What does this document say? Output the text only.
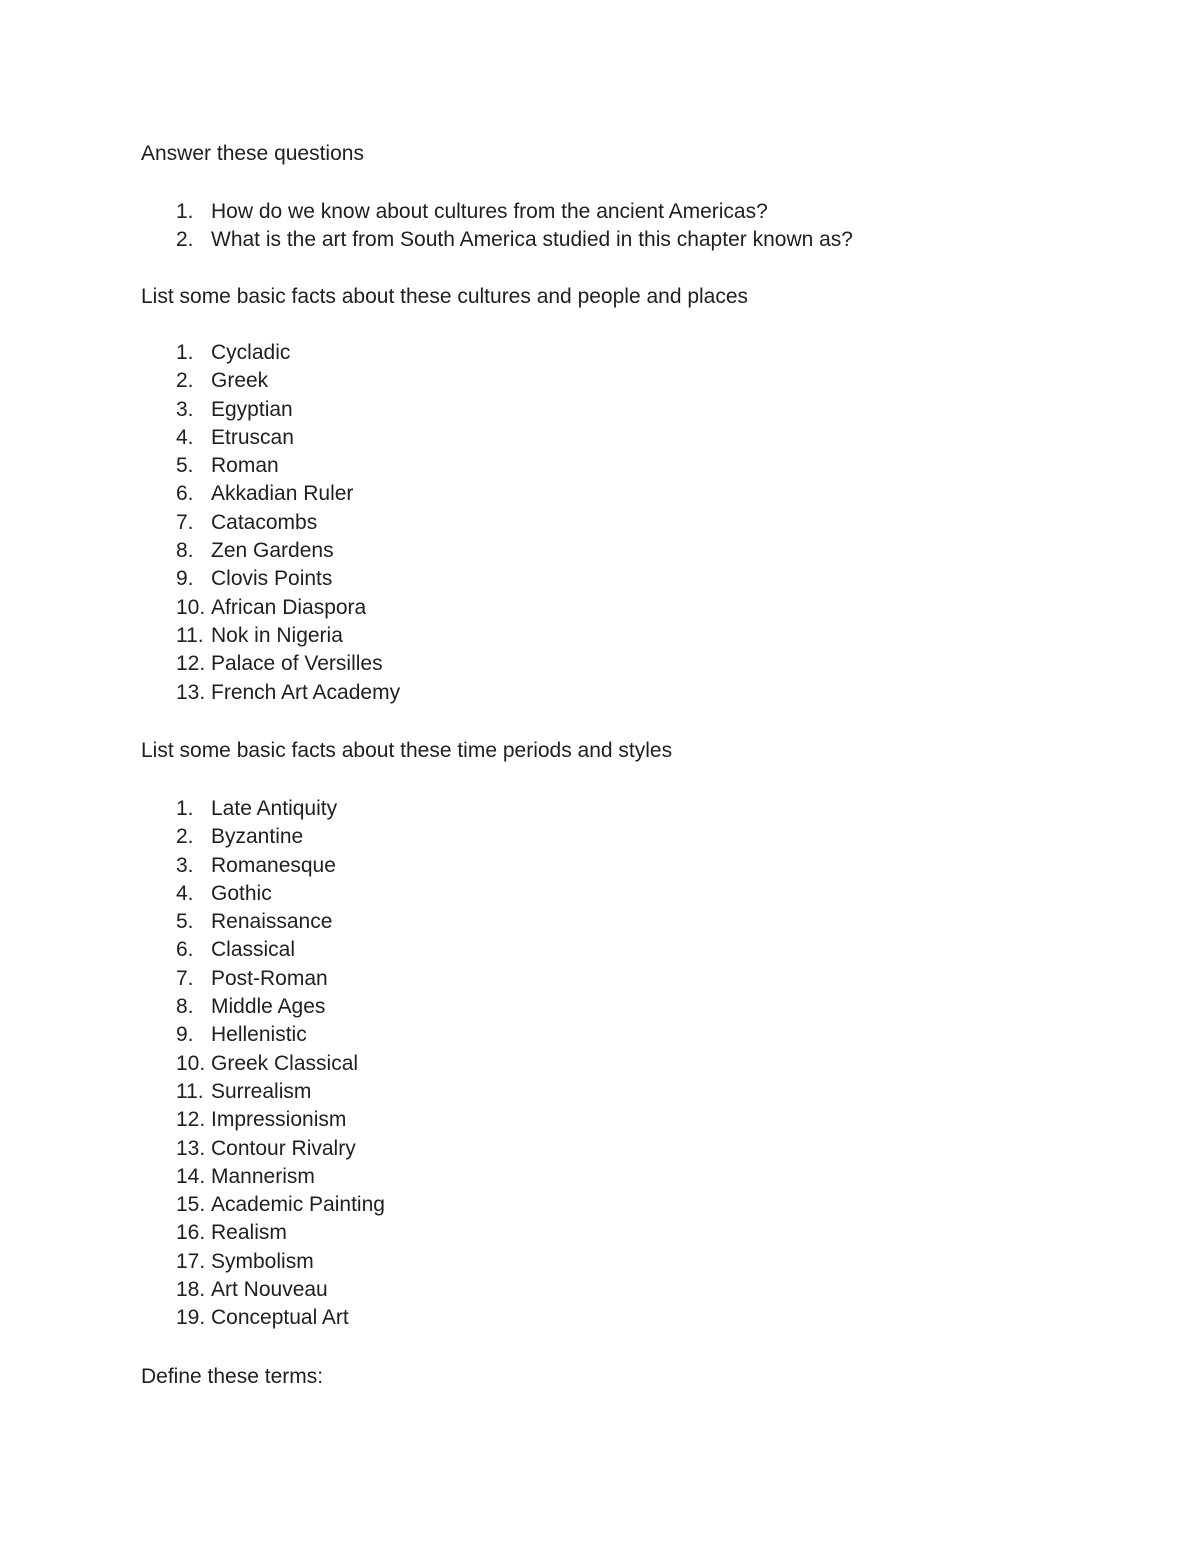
Answer these questions

1. How do we know about cultures from the ancient Americas?
2. What is the art from South America studied in this chapter known as?

List some basic facts about these cultures and people and places

1. Cycladic
2. Greek
3. Egyptian
4. Etruscan
5. Roman
6. Akkadian Ruler
7. Catacombs
8. Zen Gardens
9. Clovis Points
10. African Diaspora
11. Nok in Nigeria
12. Palace of Versilles
13. French Art Academy

List some basic facts about these time periods and styles

1. Late Antiquity
2. Byzantine
3. Romanesque
4. Gothic
5. Renaissance
6. Classical
7. Post-Roman
8. Middle Ages
9. Hellenistic
10. Greek Classical
11. Surrealism
12. Impressionism
13. Contour Rivalry
14. Mannerism
15. Academic Painting
16. Realism
17. Symbolism
18. Art Nouveau
19. Conceptual Art

Define these terms:
